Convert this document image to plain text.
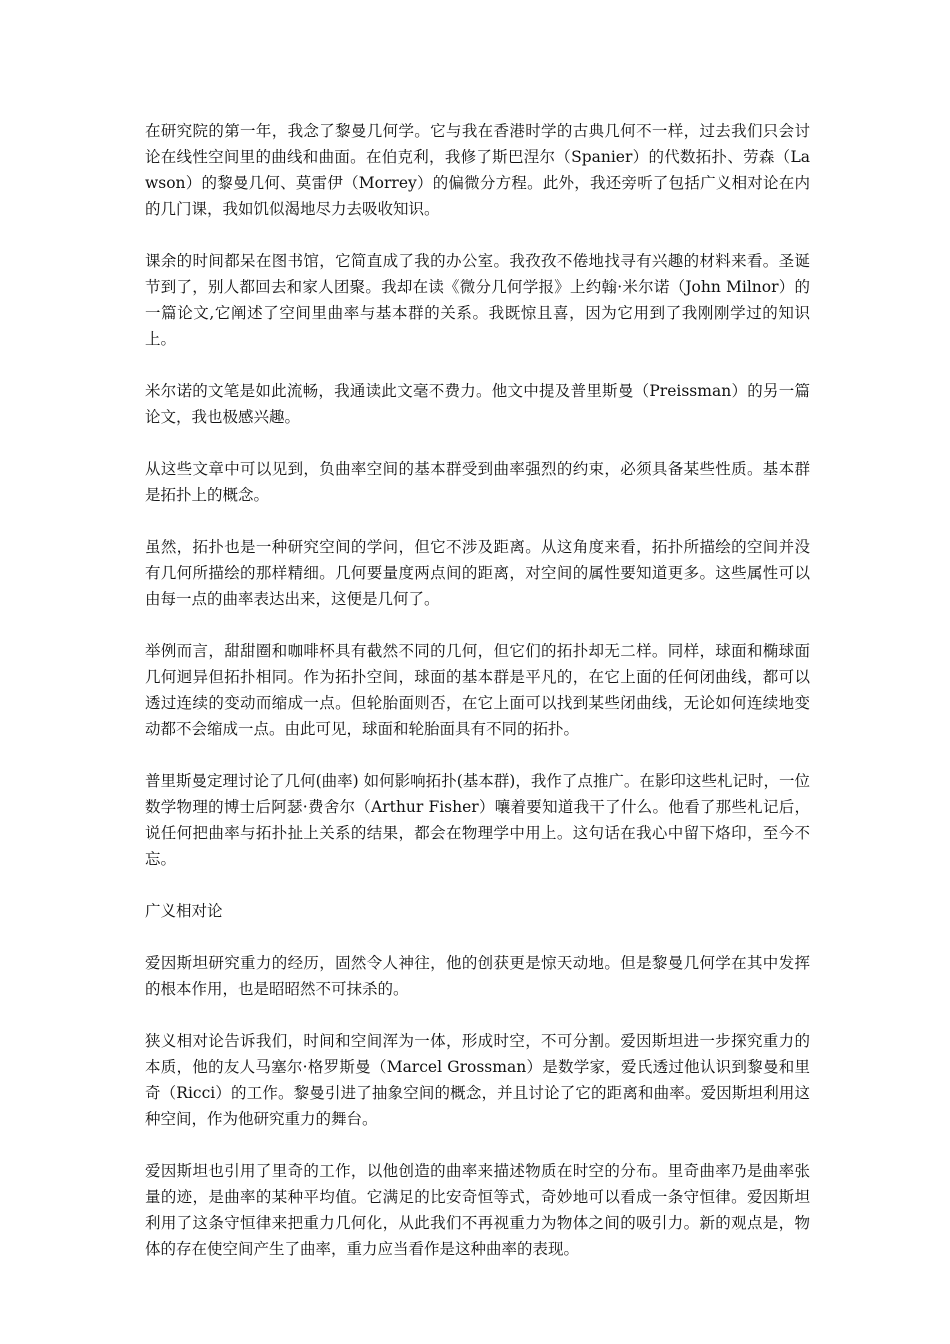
在研究院的第一年，我念了黎曼几何学。它与我在香港时学的古典几何不一样，过去我们只会讨论在线性空间里的曲线和曲面。在伯克利，我修了斯巴涅尔（Spanier）的代数拓扑、劳森（Lawson）的黎曼几何、莫雷伊（Morrey）的偏微分方程。此外，我还旁听了包括广义相对论在内的几门课，我如饥似渴地尽力去吸收知识。

课余的时间都呆在图书馆，它简直成了我的办公室。我孜孜不倦地找寻有兴趣的材料来看。圣诞节到了，别人都回去和家人团聚。我却在读《微分几何学报》上约翰·米尔诺（John Milnor）的一篇论文,它阐述了空间里曲率与基本群的关系。我既惊且喜，因为它用到了我刚刚学过的知识上。

米尔诺的文笔是如此流畅，我通读此文毫不费力。他文中提及普里斯曼（Preissman）的另一篇论文，我也极感兴趣。

从这些文章中可以见到，负曲率空间的基本群受到曲率强烈的约束，必须具备某些性质。基本群是拓扑上的概念。

虽然，拓扑也是一种研究空间的学问，但它不涉及距离。从这角度来看，拓扑所描绘的空间并没有几何所描绘的那样精细。几何要量度两点间的距离，对空间的属性要知道更多。这些属性可以由每一点的曲率表达出来，这便是几何了。

举例而言，甜甜圈和咖啡杯具有截然不同的几何，但它们的拓扑却无二样。同样，球面和椭球面几何迥异但拓扑相同。作为拓扑空间，球面的基本群是平凡的，在它上面的任何闭曲线，都可以透过连续的变动而缩成一点。但轮胎面则否，在它上面可以找到某些闭曲线，无论如何连续地变动都不会缩成一点。由此可见，球面和轮胎面具有不同的拓扑。

普里斯曼定理讨论了几何(曲率) 如何影响拓扑(基本群)，我作了点推广。在影印这些札记时，一位数学物理的博士后阿瑟·费舍尔（Arthur Fisher）嚷着要知道我干了什么。他看了那些札记后，说任何把曲率与拓扑扯上关系的结果，都会在物理学中用上。这句话在我心中留下烙印，至今不忘。

广义相对论

爱因斯坦研究重力的经历，固然令人神往，他的创获更是惊天动地。但是黎曼几何学在其中发挥的根本作用，也是昭昭然不可抹杀的。

狭义相对论告诉我们，时间和空间浑为一体，形成时空，不可分割。爱因斯坦进一步探究重力的本质，他的友人马塞尔·格罗斯曼（Marcel Grossman）是数学家，爱氏透过他认识到黎曼和里奇（Ricci）的工作。黎曼引进了抽象空间的概念，并且讨论了它的距离和曲率。爱因斯坦利用这种空间，作为他研究重力的舞台。

爱因斯坦也引用了里奇的工作，以他创造的曲率来描述物质在时空的分布。里奇曲率乃是曲率张量的迹，是曲率的某种平均值。它满足的比安奇恒等式，奇妙地可以看成一条守恒律。爱因斯坦利用了这条守恒律来把重力几何化，从此我们不再视重力为物体之间的吸引力。新的观点是，物体的存在使空间产生了曲率，重力应当看作是这种曲率的表现。
